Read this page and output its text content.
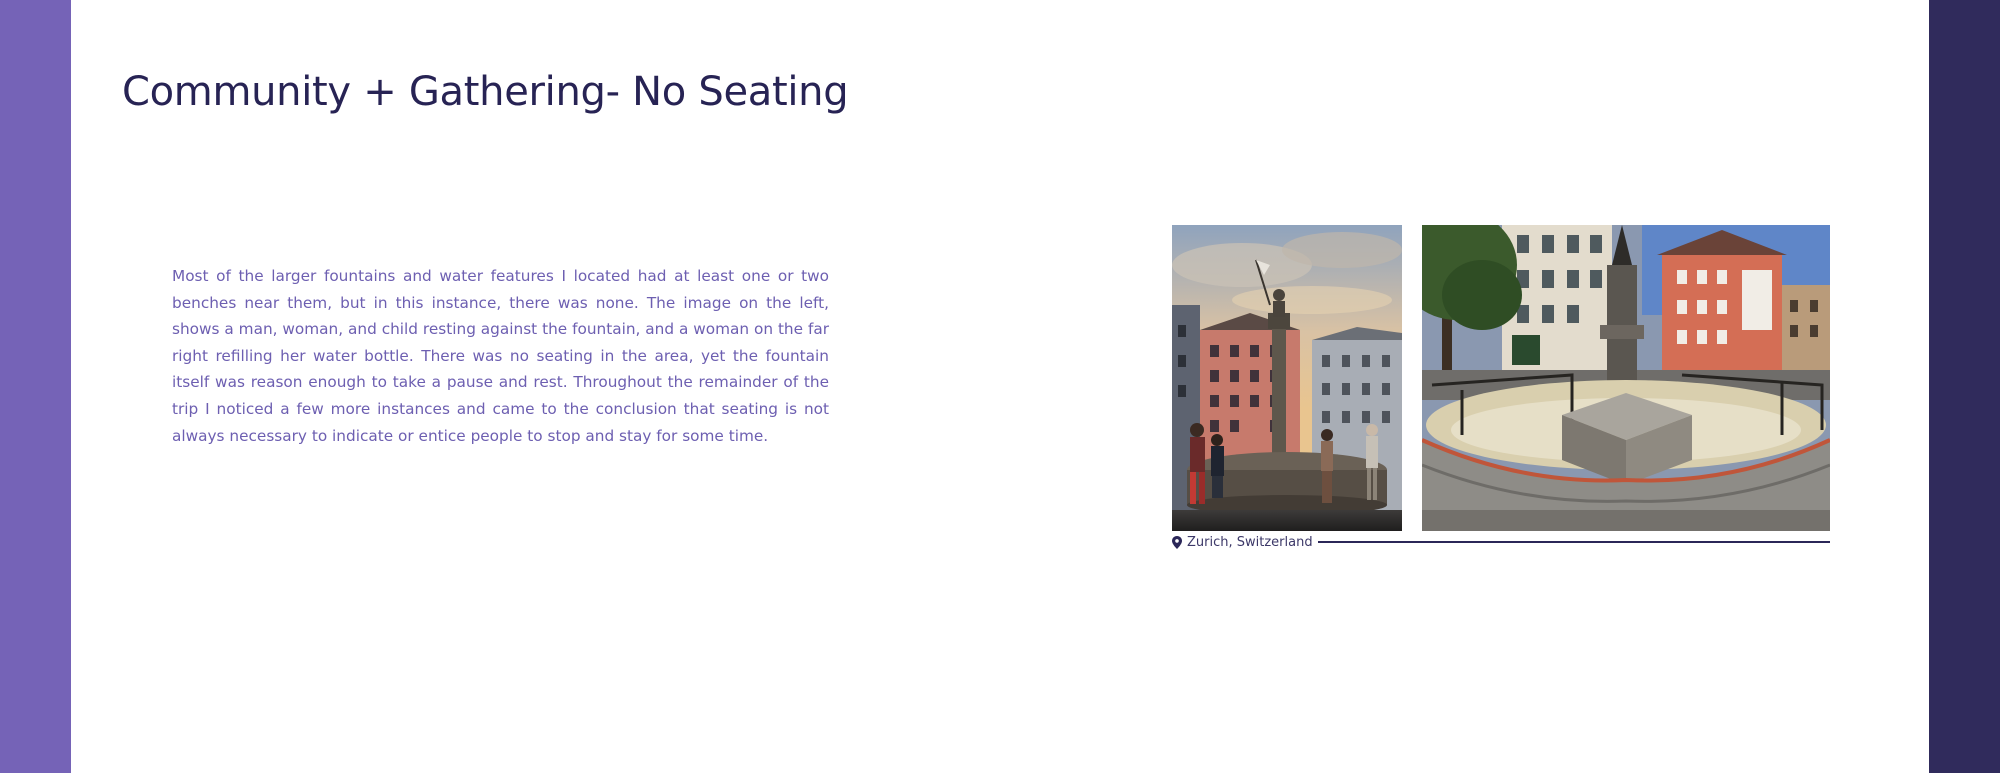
Community + Gathering- No Seating

Most of the larger fountains and water features I located had at least one or two benches near them, but in this instance, there was none. The image on the left, shows a man, woman, and child resting against the fountain, and a woman on the far right refilling her water bottle. There was no seating in the area, yet the fountain itself was reason enough to take a pause and rest. Throughout the remainder of the trip I noticed a few more instances and came to the conclusion that seating is not always necessary to indicate or entice people to stop and stay for some time.

Zurich, Switzerland
